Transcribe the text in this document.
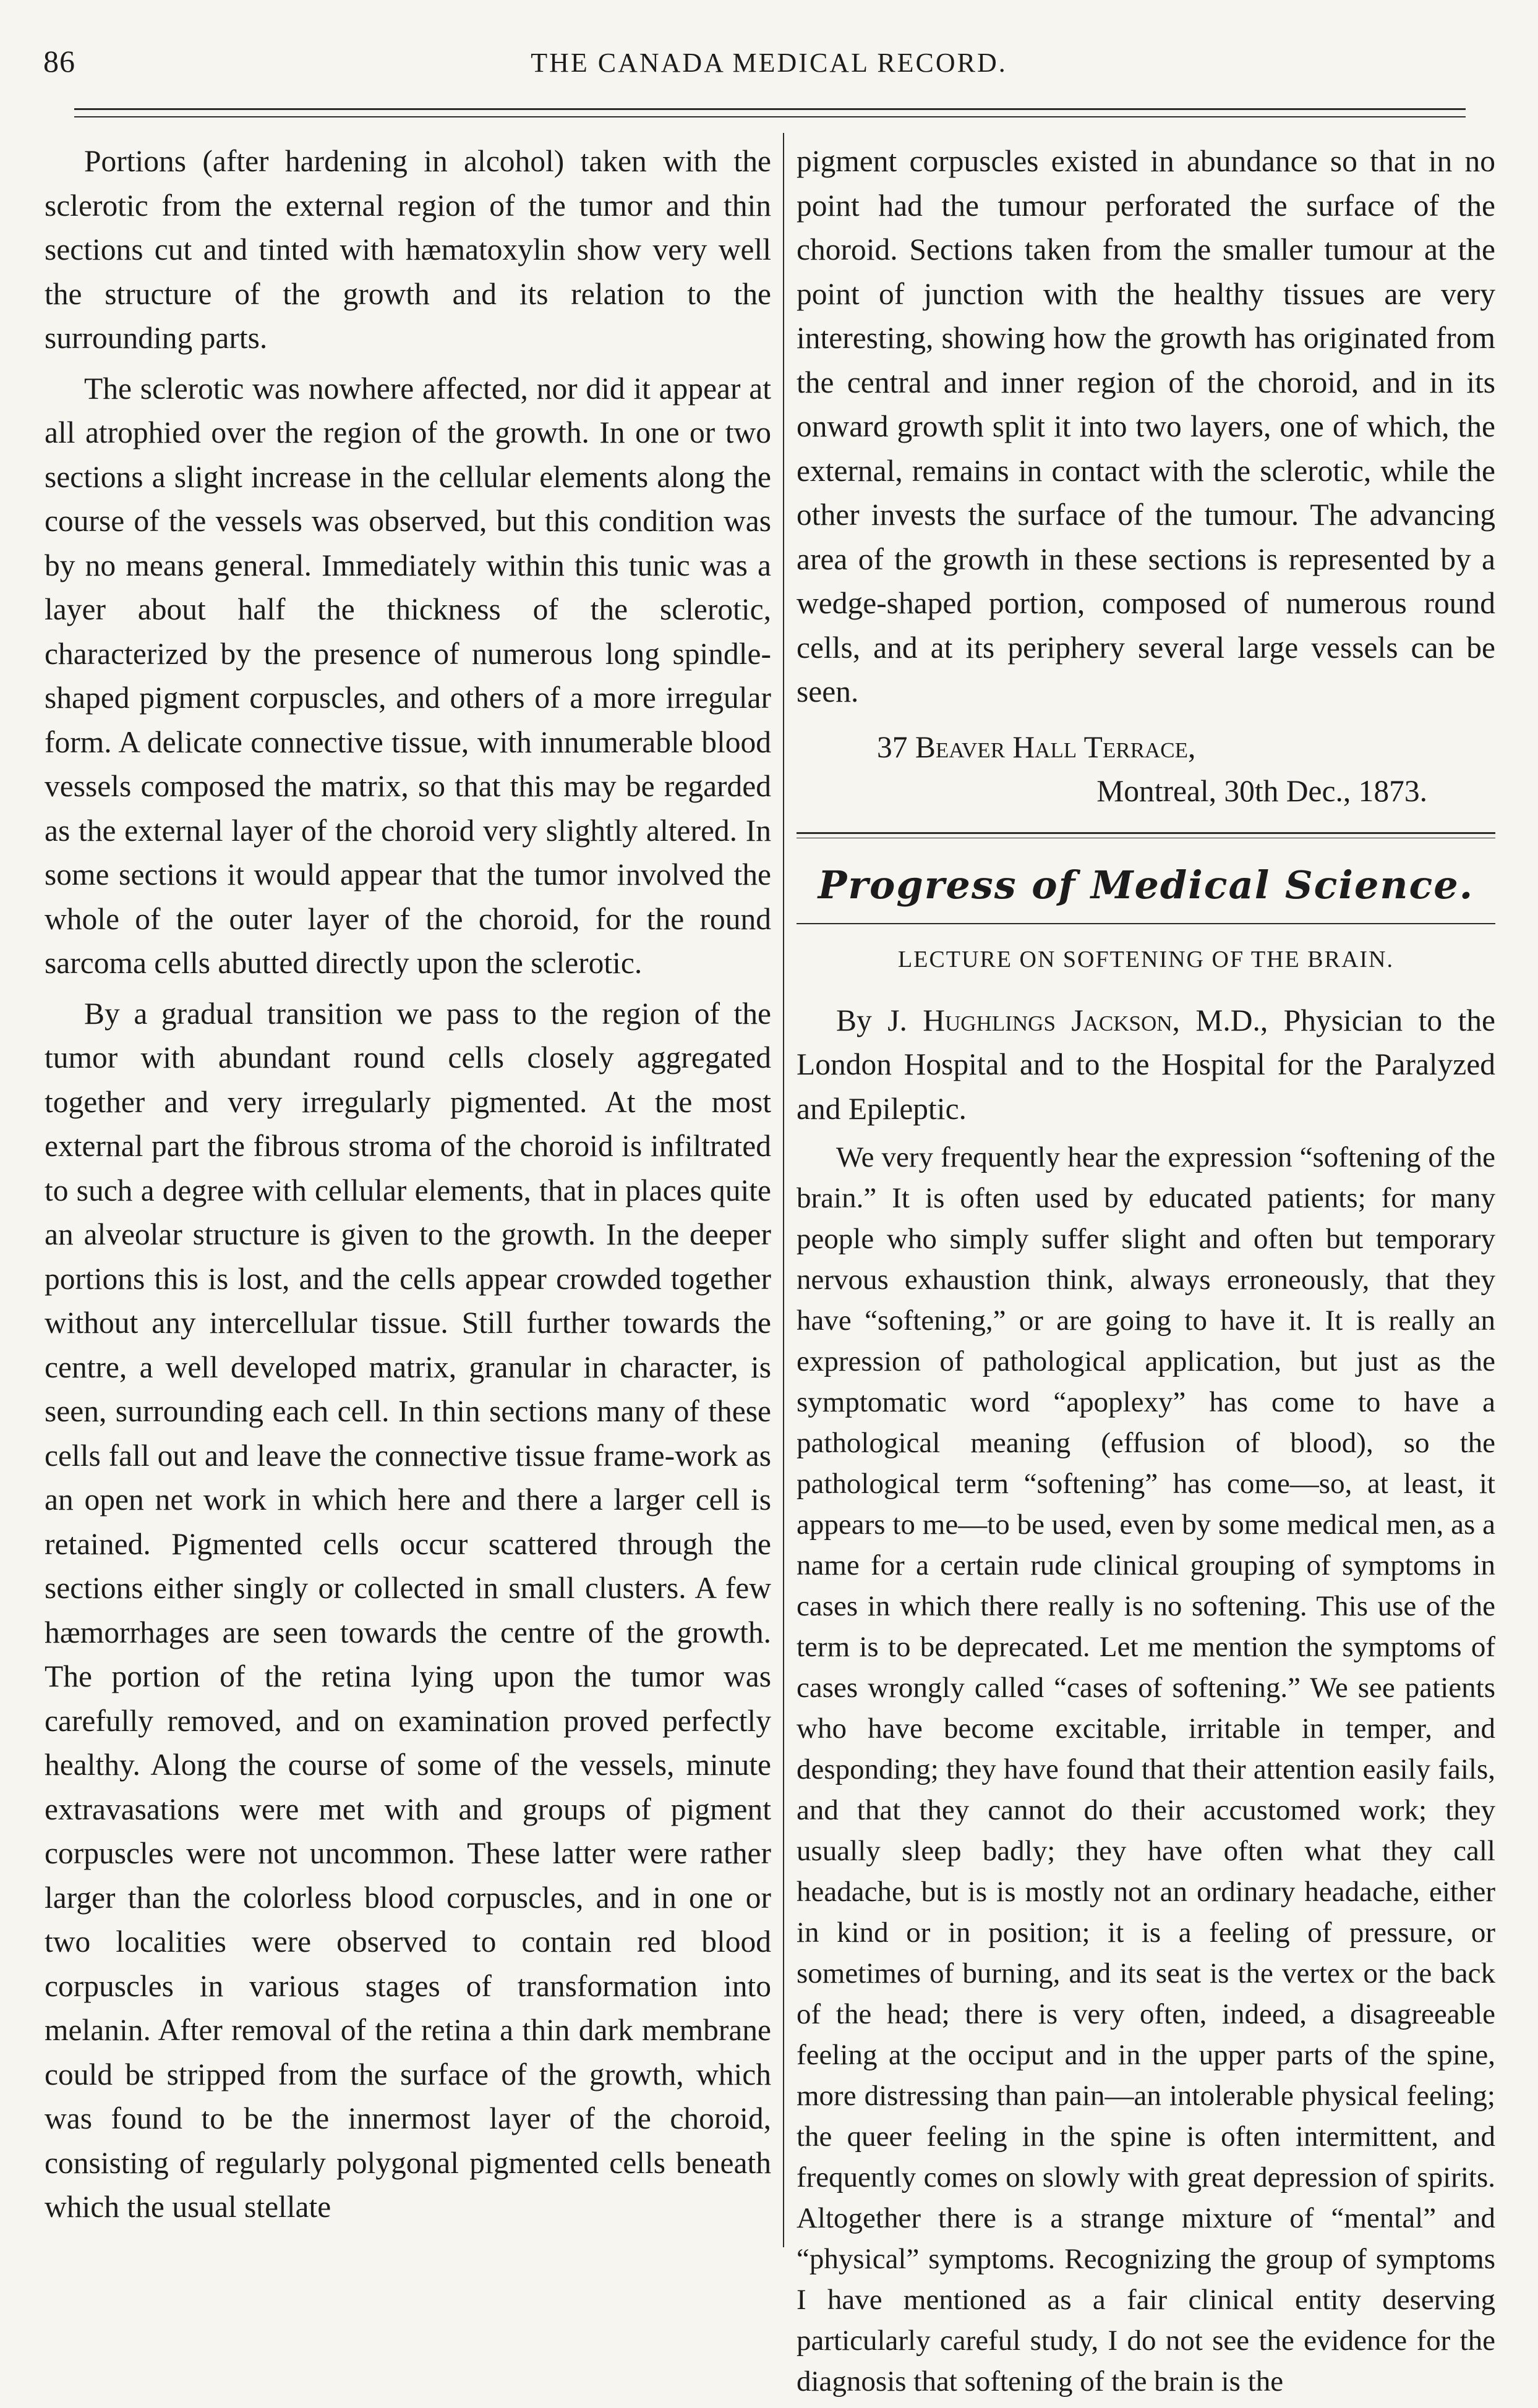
86	THE CANADA MEDICAL RECORD.

Portions (after hardening in alcohol) taken with the sclerotic from the external region of the tumor and thin sections cut and tinted with hæmatoxylin show very well the structure of the growth and its relation to the surrounding parts.

The sclerotic was nowhere affected, nor did it appear at all atrophied over the region of the growth. In one or two sections a slight increase in the cellular elements along the course of the vessels was observed, but this condition was by no means general. Immediately within this tunic was a layer about half the thickness of the sclerotic, characterized by the presence of numerous long spindle-shaped pigment corpuscles, and others of a more irregular form. A delicate connective tissue, with innumerable blood vessels composed the matrix, so that this may be regarded as the external layer of the choroid very slightly altered. In some sections it would appear that the tumor involved the whole of the outer layer of the choroid, for the round sarcoma cells abutted directly upon the sclerotic.

By a gradual transition we pass to the region of the tumor with abundant round cells closely aggregated together and very irregularly pigmented. At the most external part the fibrous stroma of the choroid is infiltrated to such a degree with cellular elements, that in places quite an alveolar structure is given to the growth. In the deeper portions this is lost, and the cells appear crowded together without any intercellular tissue. Still further towards the centre, a well developed matrix, granular in character, is seen, surrounding each cell. In thin sections many of these cells fall out and leave the connective tissue frame-work as an open net work in which here and there a larger cell is retained. Pigmented cells occur scattered through the sections either singly or collected in small clusters. A few hæmorrhages are seen towards the centre of the growth. The portion of the retina lying upon the tumor was carefully removed, and on examination proved perfectly healthy. Along the course of some of the vessels, minute extravasations were met with and groups of pigment corpuscles were not uncommon. These latter were rather larger than the colorless blood corpuscles, and in one or two localities were observed to contain red blood corpuscles in various stages of transformation into melanin. After removal of the retina a thin dark membrane could be stripped from the surface of the growth, which was found to be the innermost layer of the choroid, consisting of regularly polygonal pigmented cells beneath which the usual stellate

pigment corpuscles existed in abundance so that in no point had the tumour perforated the surface of the choroid. Sections taken from the smaller tumour at the point of junction with the healthy tissues are very interesting, showing how the growth has originated from the central and inner region of the choroid, and in its onward growth split it into two layers, one of which, the external, remains in contact with the sclerotic, while the other invests the surface of the tumour. The advancing area of the growth in these sections is represented by a wedge-shaped portion, composed of numerous round cells, and at its periphery several large vessels can be seen.

37 Beaver Hall Terrace,
Montreal, 30th Dec., 1873.
Progress of Medical Science.
LECTURE ON SOFTENING OF THE BRAIN.

By J. Hughlings Jackson, M.D., Physician to the London Hospital and to the Hospital for the Paralyzed and Epileptic.

We very frequently hear the expression “softening of the brain.” It is often used by educated patients; for many people who simply suffer slight and often but temporary nervous exhaustion think, always erroneously, that they have “softening,” or are going to have it. It is really an expression of pathological application, but just as the symptomatic word “apoplexy” has come to have a pathological meaning (effusion of blood), so the pathological term “softening” has come—so, at least, it appears to me—to be used, even by some medical men, as a name for a certain rude clinical grouping of symptoms in cases in which there really is no softening. This use of the term is to be deprecated. Let me mention the symptoms of cases wrongly called “cases of softening.” We see patients who have become excitable, irritable in temper, and desponding; they have found that their attention easily fails, and that they cannot do their accustomed work; they usually sleep badly; they have often what they call headache, but is is mostly not an ordinary headache, either in kind or in position; it is a feeling of pressure, or sometimes of burning, and its seat is the vertex or the back of the head; there is very often, indeed, a disagreeable feeling at the occiput and in the upper parts of the spine, more distressing than pain—an intolerable physical feeling; the queer feeling in the spine is often intermittent, and frequently comes on slowly with great depression of spirits. Altogether there is a strange mixture of “mental” and “physical” symptoms. Recognizing the group of symptoms I have mentioned as a fair clinical entity deserving particularly careful study, I do not see the evidence for the diagnosis that softening of the brain is the
